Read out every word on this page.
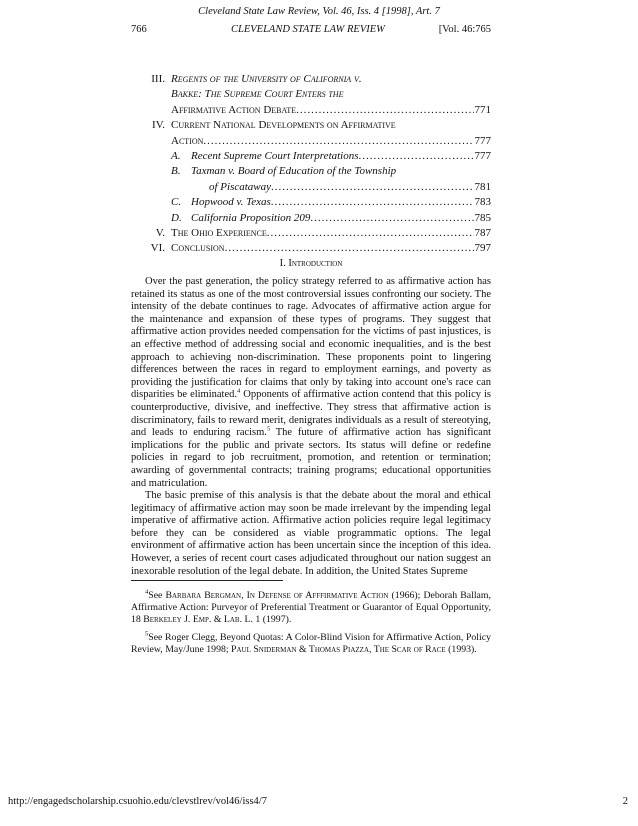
Cleveland State Law Review, Vol. 46, Iss. 4 [1998], Art. 7
766	CLEVELAND STATE LAW REVIEW	[Vol. 46:765
III. Regents of the University of California v.
Bakke: The Supreme Court Enters the
Affirmative Action Debate .....	771
IV. Current National Developments on Affirmative
Action .....	777
A. Recent Supreme Court Interpretations .....	777
B. Taxman v. Board of Education of the Township
of Piscataway .....	781
C. Hopwood v. Texas .....	783
D. California Proposition 209 .....	785
V. The Ohio Experience .....	787
VI. Conclusion .....	797
I. Introduction

Over the past generation, the policy strategy referred to as affirmative action has retained its status as one of the most controversial issues confronting our society. The intensity of the debate continues to rage. Advocates of affirmative action argue for the maintenance and expansion of these types of programs. They suggest that affirmative action provides needed compensation for the victims of past injustices, is an effective method of addressing social and economic inequalities, and is the best approach to achieving non-discrimination. These proponents point to lingering differences between the races in regard to employment earnings, and poverty as providing the justification for claims that only by taking into account one's race can disparities be eliminated.$^4$ Opponents of affirmative action contend that this policy is counterproductive, divisive, and ineffective. They stress that affirmative action is discriminatory, fails to reward merit, denigrates individuals as a result of stereotying, and leads to enduring racism.$^5$ The future of affirmative action has significant implications for the public and private sectors. Its status will define or redefine policies in regard to job recruitment, promotion, and retention or termination; awarding of governmental contracts; training programs; educational opportunities and matriculation.

The basic premise of this analysis is that the debate about the moral and ethical legitimacy of affirmative action may soon be made irrelevant by the impending legal imperative of affirmative action. Affirmative action policies require legal legitimacy before they can be considered as viable programmatic options. The legal environment of affirmative action has been uncertain since the inception of this idea. However, a series of recent court cases adjudicated throughout our nation suggest an inexorable resolution of the legal debate. In addition, the United States Supreme

$^4$See Barbara Bergman, In Defense of Afffirmative Action (1966); Deborah Ballam, Affirmative Action: Purveyor of Preferential Treatment or Guarantor of Equal Opportunity, 18 Berkeley J. Emp. & Lab. L. 1 (1997).

$^5$See Roger Clegg, Beyond Quotas: A Color-Blind Vision for Affirmative Action, Policy Review, May/June 1998; Paul Sniderman & Thomas Piazza, The Scar of Race (1993).

http://engagedscholarship.csuohio.edu/clevstlrev/vol46/iss4/7	2
